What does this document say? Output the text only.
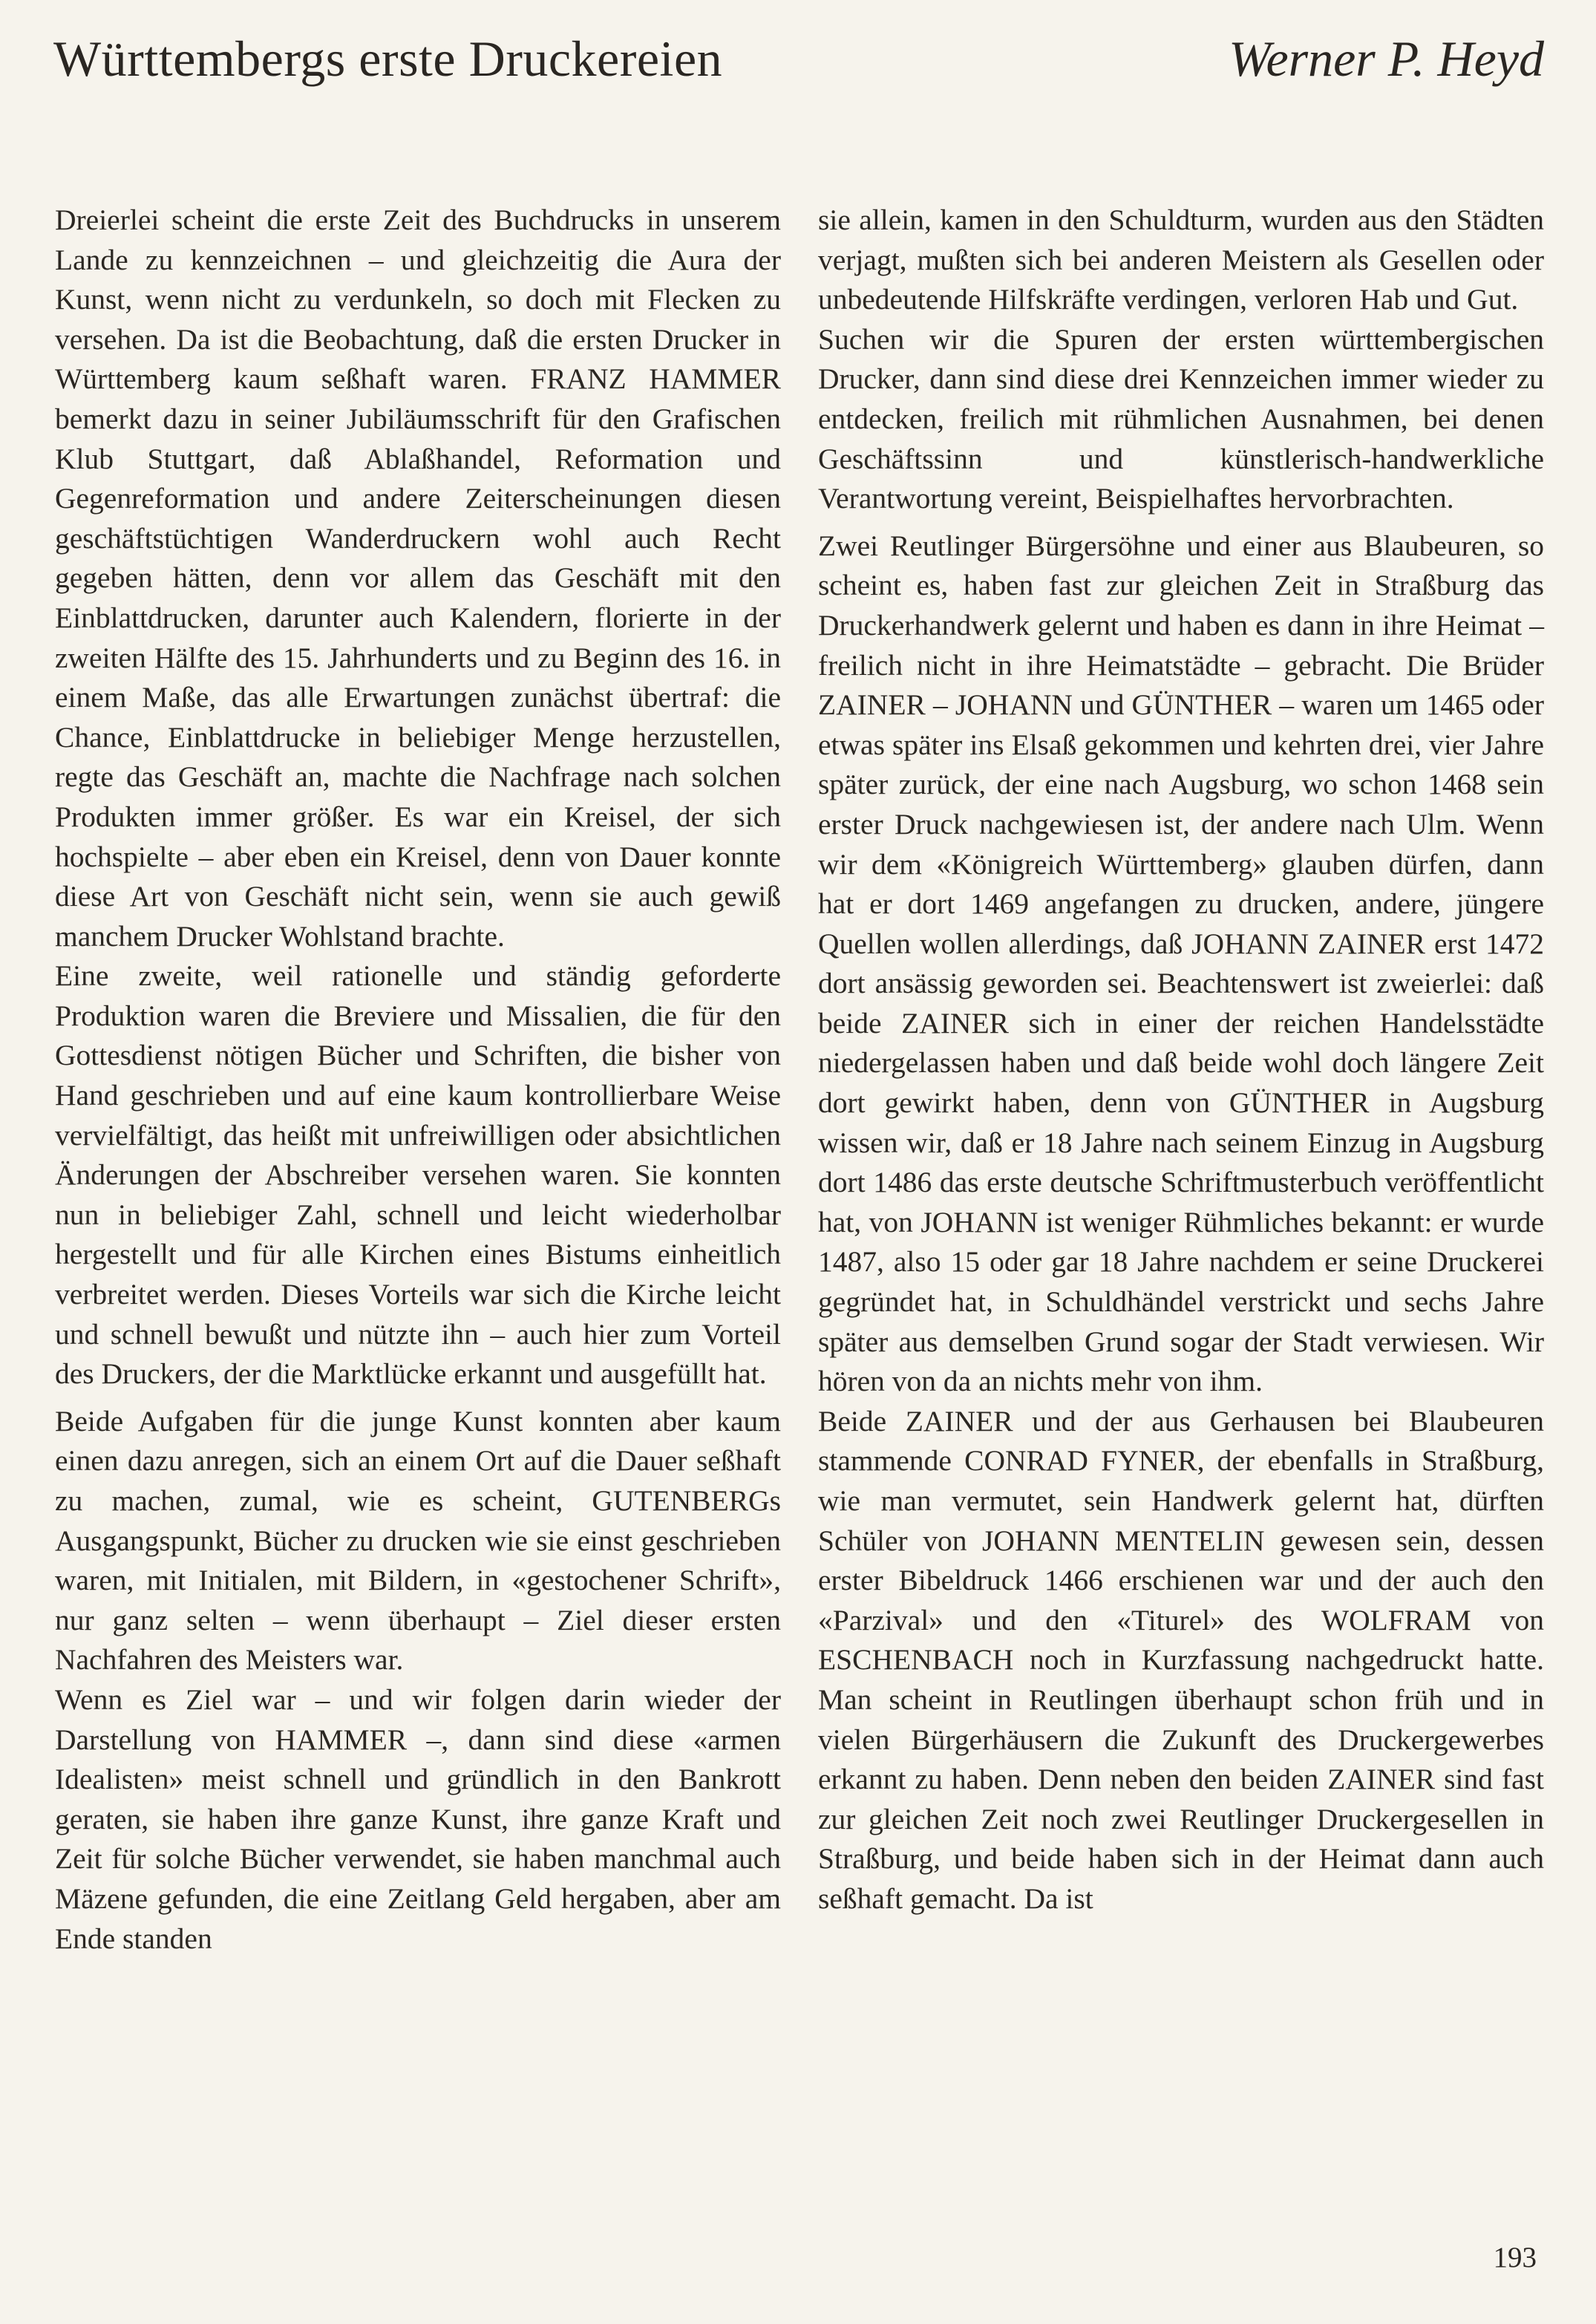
Württembergs erste Druckereien	Werner P. Heyd

Dreierlei scheint die erste Zeit des Buchdrucks in unserem Lande zu kennzeichnen – und gleichzeitig die Aura der Kunst, wenn nicht zu verdunkeln, so doch mit Flecken zu versehen. Da ist die Beobachtung, daß die ersten Drucker in Württemberg kaum seßhaft waren. FRANZ HAMMER bemerkt dazu in seiner Jubiläumsschrift für den Grafischen Klub Stuttgart, daß Ablaßhandel, Reformation und Gegenreformation und andere Zeiterscheinungen diesen geschäftstüchtigen Wanderdruckern wohl auch Recht gegeben hätten, denn vor allem das Geschäft mit den Einblattdrucken, darunter auch Kalendern, florierte in der zweiten Hälfte des 15. Jahrhunderts und zu Beginn des 16. in einem Maße, das alle Erwartungen zunächst übertraf: die Chance, Einblattdrucke in beliebiger Menge herzustellen, regte das Geschäft an, machte die Nachfrage nach solchen Produkten immer größer. Es war ein Kreisel, der sich hochspielte – aber eben ein Kreisel, denn von Dauer konnte diese Art von Geschäft nicht sein, wenn sie auch gewiß manchem Drucker Wohlstand brachte.

Eine zweite, weil rationelle und ständig geforderte Produktion waren die Breviere und Missalien, die für den Gottesdienst nötigen Bücher und Schriften, die bisher von Hand geschrieben und auf eine kaum kontrollierbare Weise vervielfältigt, das heißt mit unfreiwilligen oder absichtlichen Änderungen der Abschreiber versehen waren. Sie konnten nun in beliebiger Zahl, schnell und leicht wiederholbar hergestellt und für alle Kirchen eines Bistums einheitlich verbreitet werden. Dieses Vorteils war sich die Kirche leicht und schnell bewußt und nützte ihn – auch hier zum Vorteil des Druckers, der die Marktlücke erkannt und ausgefüllt hat.

Beide Aufgaben für die junge Kunst konnten aber kaum einen dazu anregen, sich an einem Ort auf die Dauer seßhaft zu machen, zumal, wie es scheint, GUTENBERGs Ausgangspunkt, Bücher zu drucken wie sie einst geschrieben waren, mit Initialen, mit Bildern, in «gestochener Schrift», nur ganz selten – wenn überhaupt – Ziel dieser ersten Nachfahren des Meisters war.

Wenn es Ziel war – und wir folgen darin wieder der Darstellung von HAMMER –, dann sind diese «armen Idealisten» meist schnell und gründlich in den Bankrott geraten, sie haben ihre ganze Kunst, ihre ganze Kraft und Zeit für solche Bücher verwendet, sie haben manchmal auch Mäzene gefunden, die eine Zeitlang Geld hergaben, aber am Ende standen

sie allein, kamen in den Schuldturm, wurden aus den Städten verjagt, mußten sich bei anderen Meistern als Gesellen oder unbedeutende Hilfskräfte verdingen, verloren Hab und Gut.

Suchen wir die Spuren der ersten württembergischen Drucker, dann sind diese drei Kennzeichen immer wieder zu entdecken, freilich mit rühmlichen Ausnahmen, bei denen Geschäftssinn und künstlerisch-handwerkliche Verantwortung vereint, Beispielhaftes hervorbrachten.

Zwei Reutlinger Bürgersöhne und einer aus Blaubeuren, so scheint es, haben fast zur gleichen Zeit in Straßburg das Druckerhandwerk gelernt und haben es dann in ihre Heimat – freilich nicht in ihre Heimatstädte – gebracht. Die Brüder ZAINER – JOHANN und GÜNTHER – waren um 1465 oder etwas später ins Elsaß gekommen und kehrten drei, vier Jahre später zurück, der eine nach Augsburg, wo schon 1468 sein erster Druck nachgewiesen ist, der andere nach Ulm. Wenn wir dem «Königreich Württemberg» glauben dürfen, dann hat er dort 1469 angefangen zu drucken, andere, jüngere Quellen wollen allerdings, daß JOHANN ZAINER erst 1472 dort ansässig geworden sei. Beachtenswert ist zweierlei: daß beide ZAINER sich in einer der reichen Handelsstädte niedergelassen haben und daß beide wohl doch längere Zeit dort gewirkt haben, denn von GÜNTHER in Augsburg wissen wir, daß er 18 Jahre nach seinem Einzug in Augsburg dort 1486 das erste deutsche Schriftmusterbuch veröffentlicht hat, von JOHANN ist weniger Rühmliches bekannt: er wurde 1487, also 15 oder gar 18 Jahre nachdem er seine Druckerei gegründet hat, in Schuldhändel verstrickt und sechs Jahre später aus demselben Grund sogar der Stadt verwiesen. Wir hören von da an nichts mehr von ihm.

Beide ZAINER und der aus Gerhausen bei Blaubeuren stammende CONRAD FYNER, der ebenfalls in Straßburg, wie man vermutet, sein Handwerk gelernt hat, dürften Schüler von JOHANN MENTELIN gewesen sein, dessen erster Bibeldruck 1466 erschienen war und der auch den «Parzival» und den «Titurel» des WOLFRAM von ESCHENBACH noch in Kurzfassung nachgedruckt hatte. Man scheint in Reutlingen überhaupt schon früh und in vielen Bürgerhäusern die Zukunft des Druckergewerbes erkannt zu haben. Denn neben den beiden ZAINER sind fast zur gleichen Zeit noch zwei Reutlinger Druckergesellen in Straßburg, und beide haben sich in der Heimat dann auch seßhaft gemacht. Da ist

193
